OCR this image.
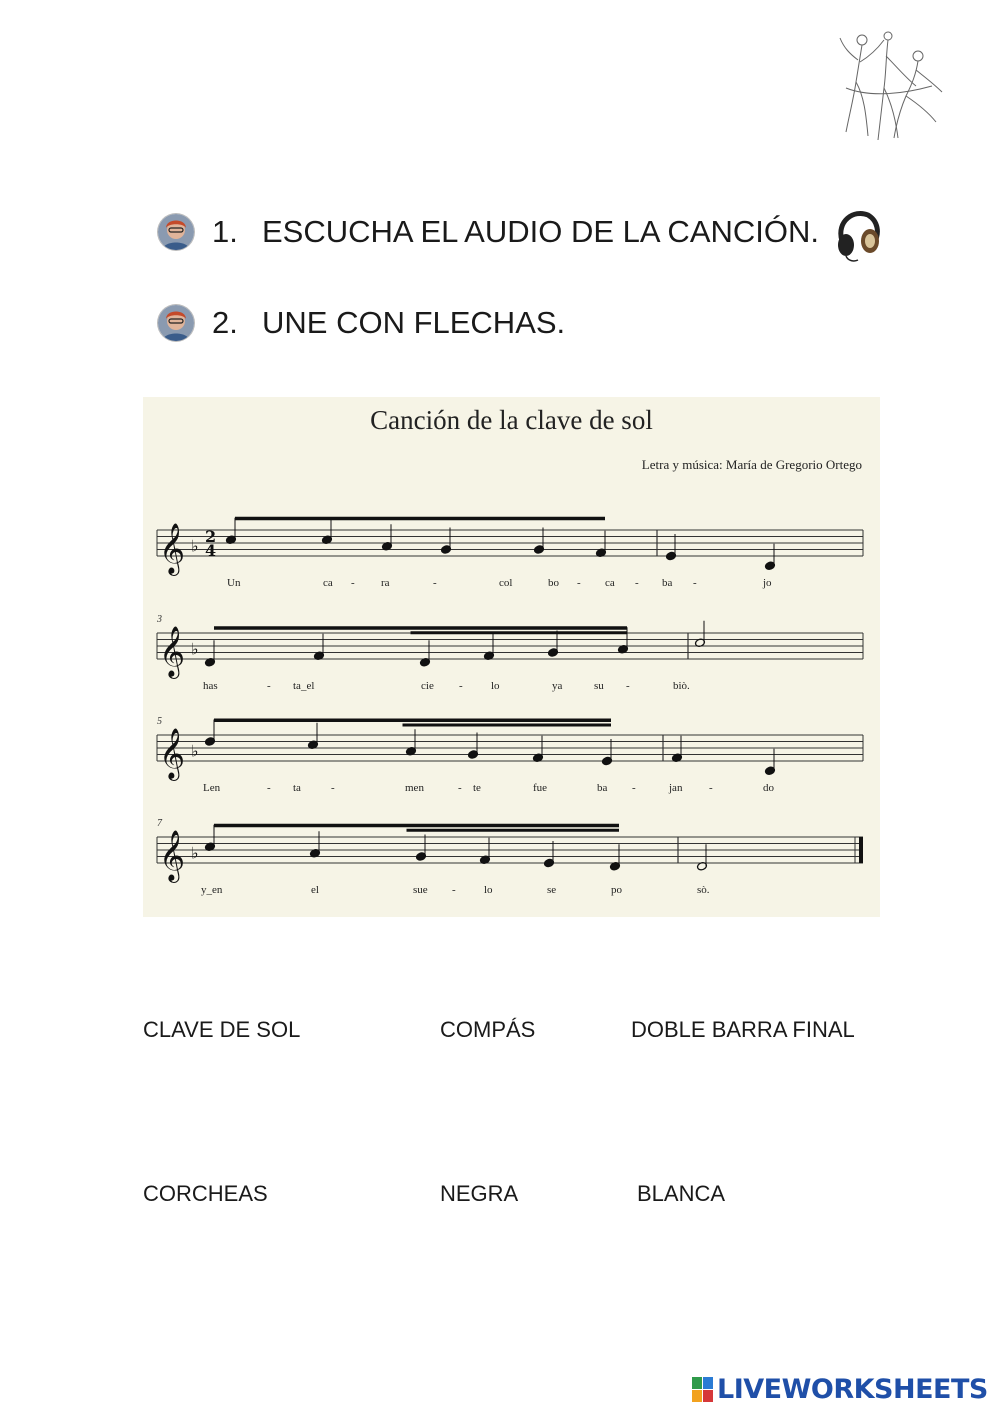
1. ESCUCHA EL AUDIO DE LA CANCIÓN.
2. UNE CON FLECHAS.
Canción de la clave de sol
Letra y música: María de Gregorio Ortego
𝄞 ♭ 2
4
Un	ca - ra	-	col	bo - ca - ba -	jo
𝄞 ♭
3
has	- ta_el	cie -	lo	ya	su -	biò.
𝄞 ♭
5
Len	- ta	-	men	- te	fue	ba -	jan -	do
𝄞 ♭
7
y_en	el	sue -	lo	se	po	sò.
CLAVE DE SOL	COMPÁS	DOBLE BARRA FINAL
CORCHEAS	NEGRA	BLANCA
LIVEWORKSHEETS
